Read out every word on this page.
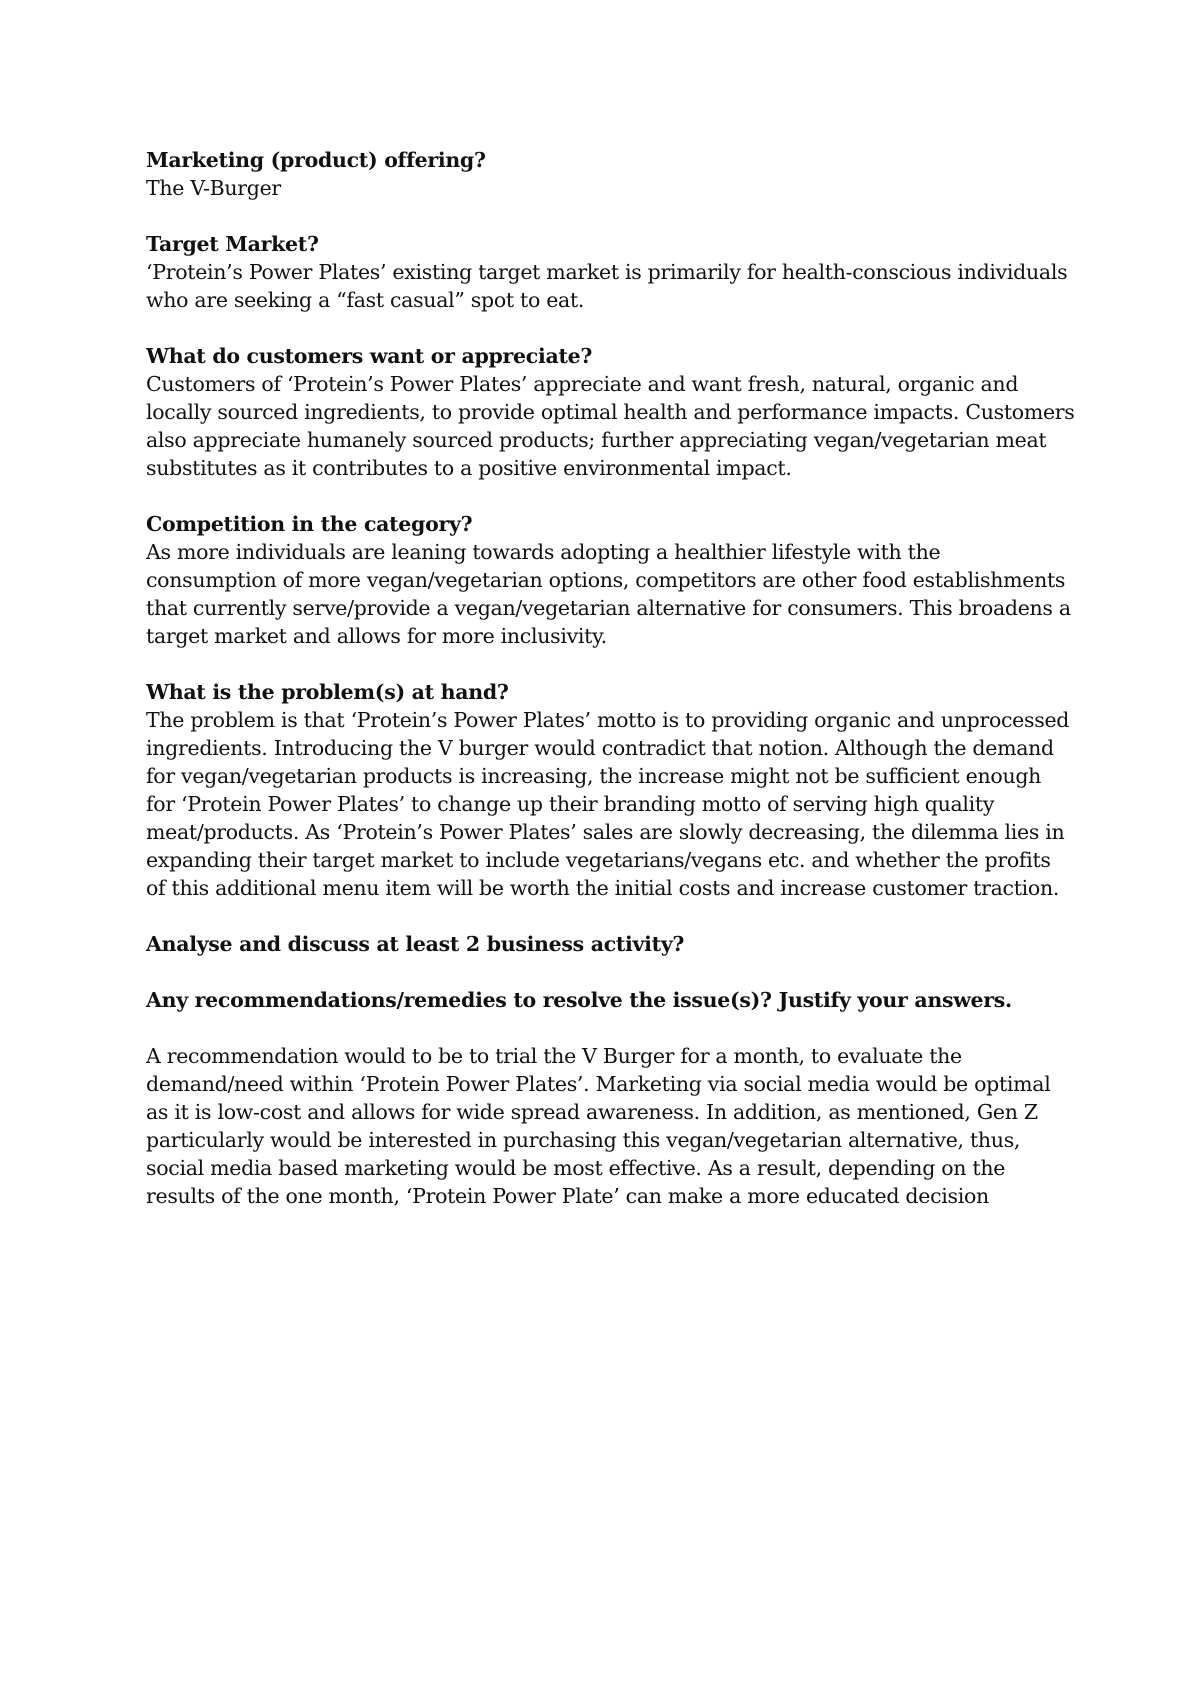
Marketing (product) offering?

The V-Burger

Target Market?

‘Protein’s Power Plates’ existing target market is primarily for health-conscious individuals who are seeking a “fast casual” spot to eat.

What do customers want or appreciate?

Customers of ‘Protein’s Power Plates’ appreciate and want fresh, natural, organic and locally sourced ingredients, to provide optimal health and performance impacts. Customers also appreciate humanely sourced products; further appreciating vegan/vegetarian meat substitutes as it contributes to a positive environmental impact.

Competition in the category?

As more individuals are leaning towards adopting a healthier lifestyle with the consumption of more vegan/vegetarian options, competitors are other food establishments that currently serve/provide a vegan/vegetarian alternative for consumers. This broadens a target market and allows for more inclusivity.

What is the problem(s) at hand?

The problem is that ‘Protein’s Power Plates’ motto is to providing organic and unprocessed ingredients. Introducing the V burger would contradict that notion. Although the demand for vegan/vegetarian products is increasing, the increase might not be sufficient enough for ‘Protein Power Plates’ to change up their branding motto of serving high quality meat/products. As ‘Protein’s Power Plates’ sales are slowly decreasing, the dilemma lies in expanding their target market to include vegetarians/vegans etc. and whether the profits of this additional menu item will be worth the initial costs and increase customer traction.

Analyse and discuss at least 2 business activity?

Any recommendations/remedies to resolve the issue(s)? Justify your answers.

A recommendation would to be to trial the V Burger for a month, to evaluate the demand/need within ‘Protein Power Plates’. Marketing via social media would be optimal as it is low-cost and allows for wide spread awareness. In addition, as mentioned, Gen Z particularly would be interested in purchasing this vegan/vegetarian alternative, thus, social media based marketing would be most effective. As a result, depending on the results of the one month, ‘Protein Power Plate’ can make a more educated decision
